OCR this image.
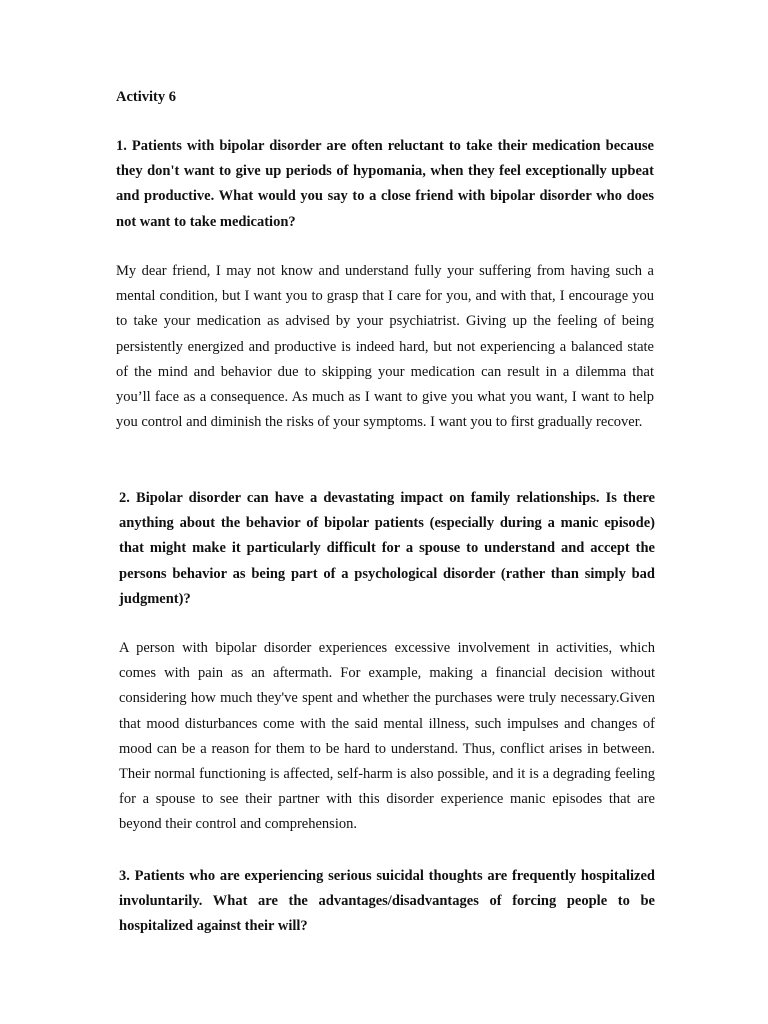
Activity 6

1. Patients with bipolar disorder are often reluctant to take their medication because they don't want to give up periods of hypomania, when they feel exceptionally upbeat and productive. What would you say to a close friend with bipolar disorder who does not want to take medication?

My dear friend, I may not know and understand fully your suffering from having such a mental condition, but I want you to grasp that I care for you, and with that, I encourage you to take your medication as advised by your psychiatrist. Giving up the feeling of being persistently energized and productive is indeed hard, but not experiencing a balanced state of the mind and behavior due to skipping your medication can result in a dilemma that you’ll face as a consequence. As much as I want to give you what you want, I want to help you control and diminish the risks of your symptoms. I want you to first gradually recover.

2. Bipolar disorder can have a devastating impact on family relationships. Is there anything about the behavior of bipolar patients (especially during a manic episode) that might make it particularly difficult for a spouse to understand and accept the persons behavior as being part of a psychological disorder (rather than simply bad judgment)?

A person with bipolar disorder experiences excessive involvement in activities, which comes with pain as an aftermath. For example, making a financial decision without considering how much they've spent and whether the purchases were truly necessary.Given that mood disturbances come with the said mental illness, such impulses and changes of mood can be a reason for them to be hard to understand. Thus, conflict arises in between. Their normal functioning is affected, self-harm is also possible, and it is a degrading feeling for a spouse to see their partner with this disorder experience manic episodes that are beyond their control and comprehension.

3. Patients who are experiencing serious suicidal thoughts are frequently hospitalized involuntarily. What are the advantages/disadvantages of forcing people to be hospitalized against their will?
